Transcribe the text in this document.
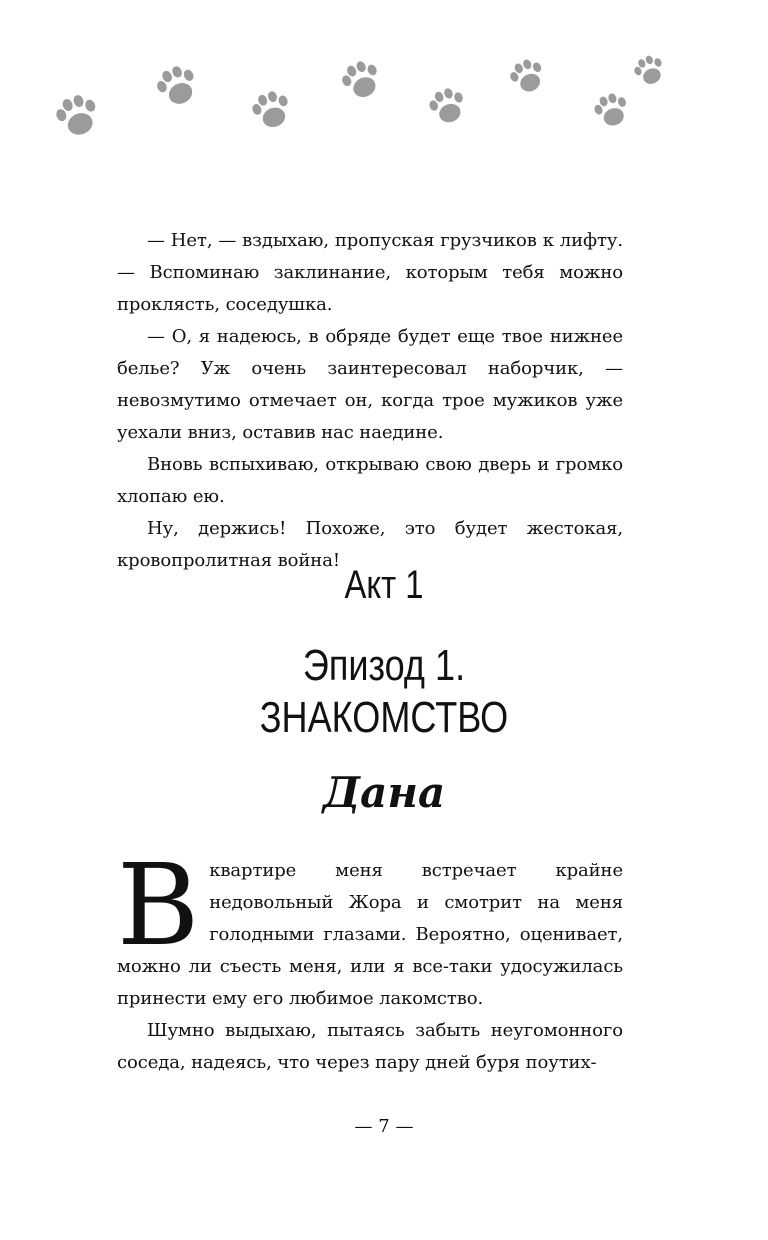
— Нет, — вздыхаю, пропуская грузчиков к лифту. — Вспоминаю заклинание, которым тебя можно проклясть, соседушка.

— О, я надеюсь, в обряде будет еще твое нижнее белье? Уж очень заинтересовал наборчик, — невозмутимо отмечает он, когда трое мужиков уже уехали вниз, оставив нас наедине.

Вновь вспыхиваю, открываю свою дверь и громко хлопаю ею.

Ну, держись! Похоже, это будет жестокая, кровопролитная война!

Акт 1
Эпизод 1.
ЗНАКОМСТВО
Дана

В квартире меня встречает крайне недовольный Жора и смотрит на меня голодными глазами. Вероятно, оценивает, можно ли съесть меня, или я все-таки удосужилась принести ему его любимое лакомство.

Шумно выдыхаю, пытаясь забыть неугомонного соседа, надеясь, что через пару дней буря поутих-

— 7 —
